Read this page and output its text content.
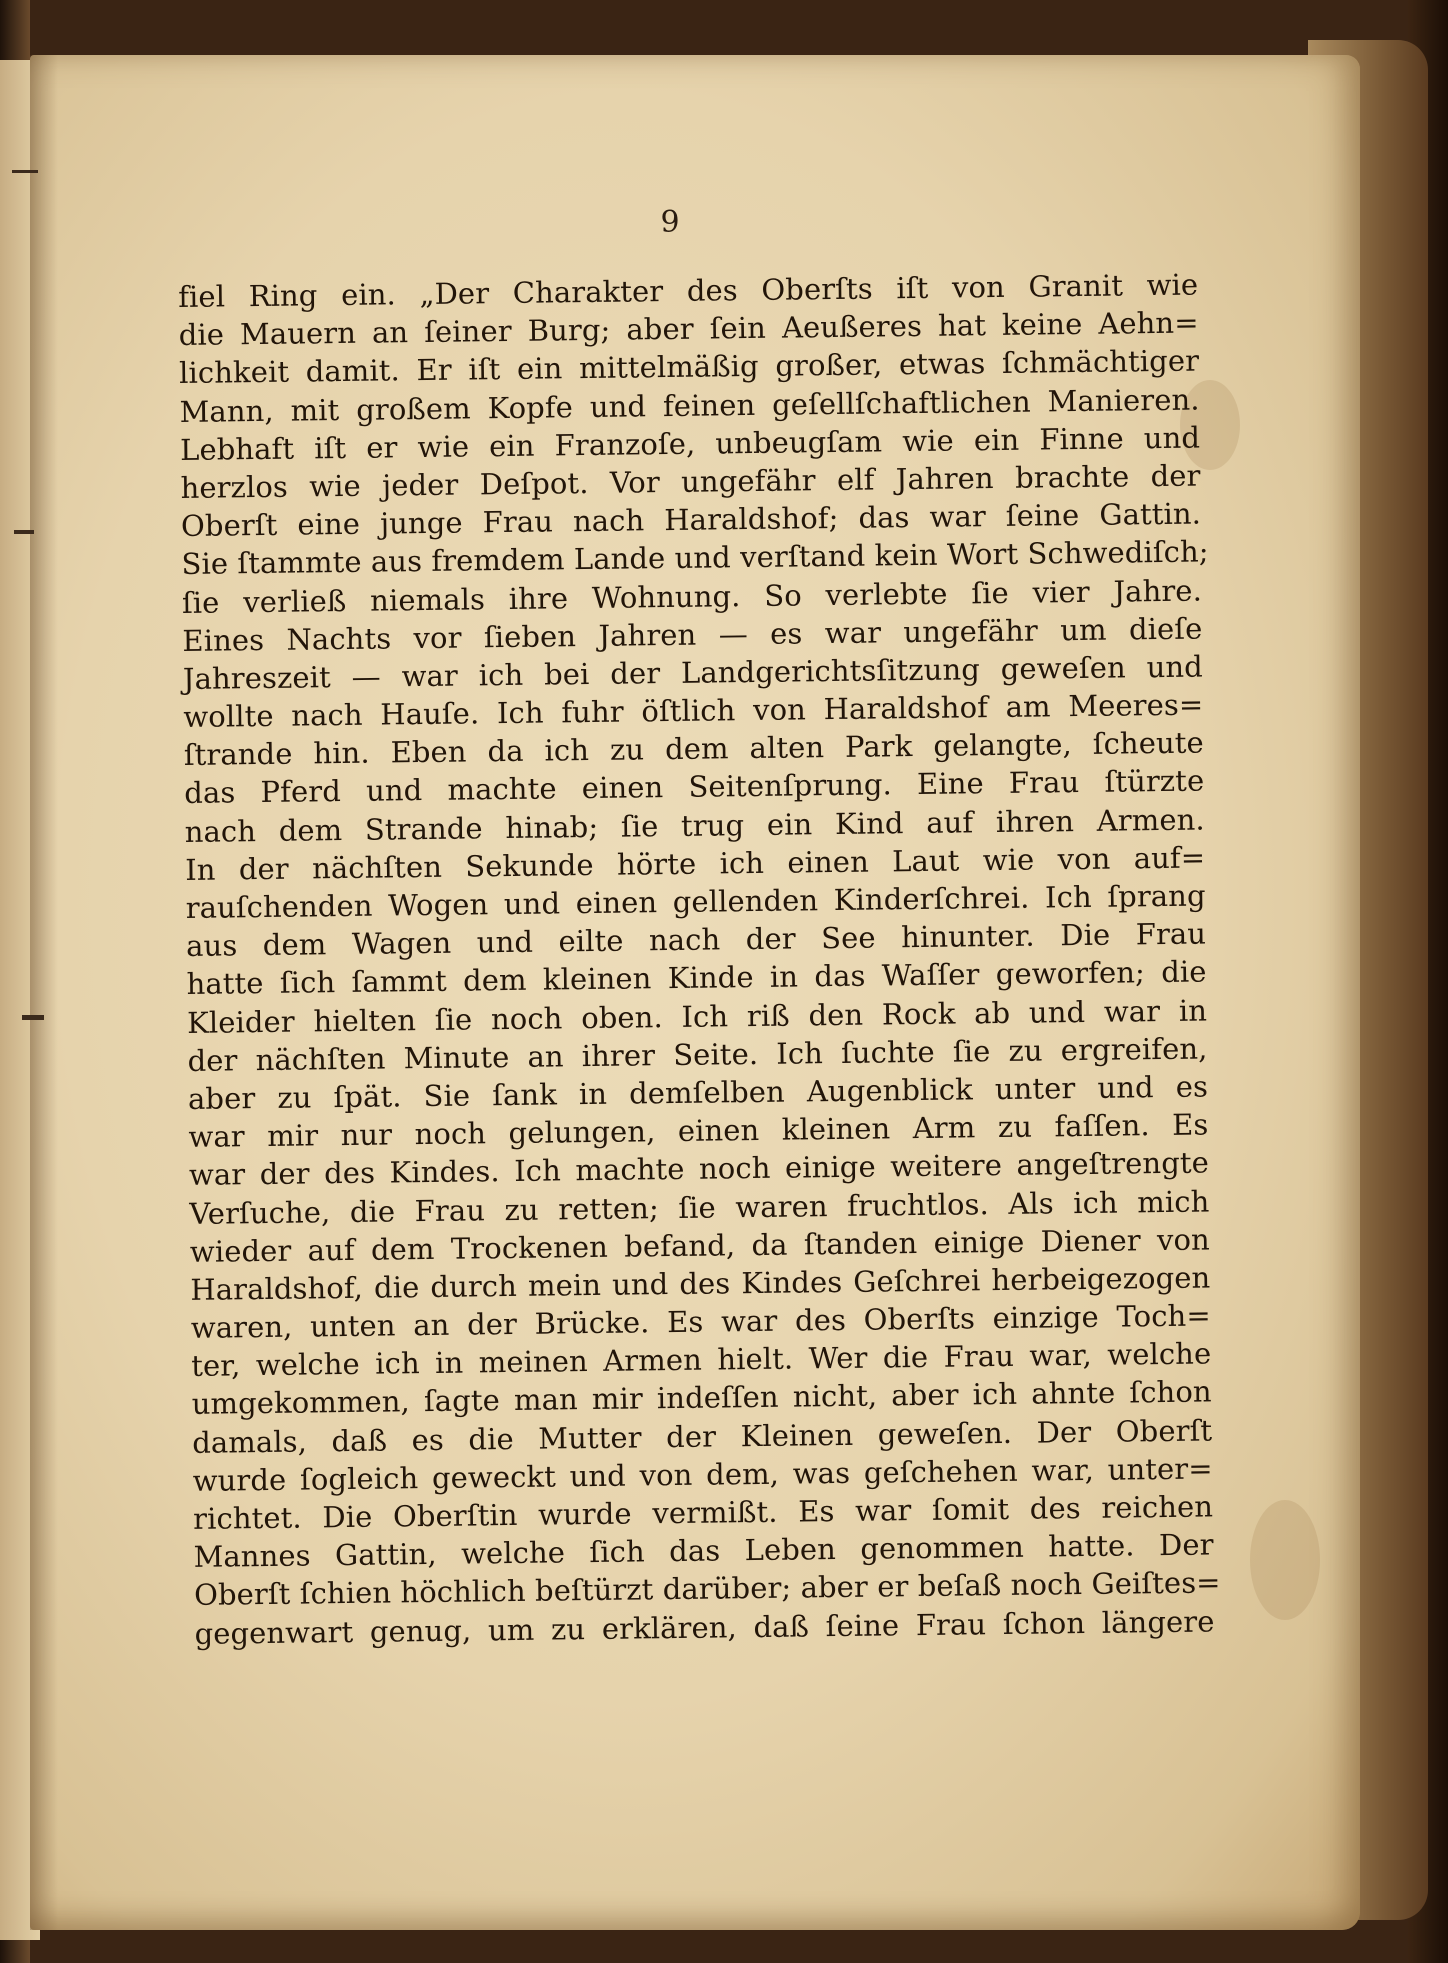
9
fiel Ring ein. „Der Charakter des Oberſts iſt von Granit wie
die Mauern an ſeiner Burg; aber ſein Aeußeres hat keine Aehn=
lichkeit damit. Er iſt ein mittelmäßig großer, etwas ſchmächtiger
Mann, mit großem Kopfe und feinen geſellſchaftlichen Manieren.
Lebhaft iſt er wie ein Franzoſe, unbeugſam wie ein Finne und
herzlos wie jeder Deſpot. Vor ungefähr elf Jahren brachte der
Oberſt eine junge Frau nach Haraldshof; das war ſeine Gattin.
Sie ſtammte aus fremdem Lande und verſtand kein Wort Schwediſch;
ſie verließ niemals ihre Wohnung. So verlebte ſie vier Jahre.
Eines Nachts vor ſieben Jahren — es war ungefähr um dieſe
Jahreszeit — war ich bei der Landgerichtsſitzung geweſen und
wollte nach Hauſe. Ich fuhr öſtlich von Haraldshof am Meeres=
ſtrande hin. Eben da ich zu dem alten Park gelangte, ſcheute
das Pferd und machte einen Seitenſprung. Eine Frau ſtürzte
nach dem Strande hinab; ſie trug ein Kind auf ihren Armen.
In der nächſten Sekunde hörte ich einen Laut wie von auf=
rauſchenden Wogen und einen gellenden Kinderſchrei. Ich ſprang
aus dem Wagen und eilte nach der See hinunter. Die Frau
hatte ſich ſammt dem kleinen Kinde in das Waſſer geworfen; die
Kleider hielten ſie noch oben. Ich riß den Rock ab und war in
der nächſten Minute an ihrer Seite. Ich ſuchte ſie zu ergreifen,
aber zu ſpät. Sie ſank in demſelben Augenblick unter und es
war mir nur noch gelungen, einen kleinen Arm zu faſſen. Es
war der des Kindes. Ich machte noch einige weitere angeſtrengte
Verſuche, die Frau zu retten; ſie waren fruchtlos. Als ich mich
wieder auf dem Trockenen befand, da ſtanden einige Diener von
Haraldshof, die durch mein und des Kindes Geſchrei herbeigezogen
waren, unten an der Brücke. Es war des Oberſts einzige Toch=
ter, welche ich in meinen Armen hielt. Wer die Frau war, welche
umgekommen, ſagte man mir indeſſen nicht, aber ich ahnte ſchon
damals, daß es die Mutter der Kleinen geweſen. Der Oberſt
wurde ſogleich geweckt und von dem, was geſchehen war, unter=
richtet. Die Oberſtin wurde vermißt. Es war ſomit des reichen
Mannes Gattin, welche ſich das Leben genommen hatte. Der
Oberſt ſchien höchlich beſtürzt darüber; aber er beſaß noch Geiſtes=
gegenwart genug, um zu erklären, daß ſeine Frau ſchon längere
